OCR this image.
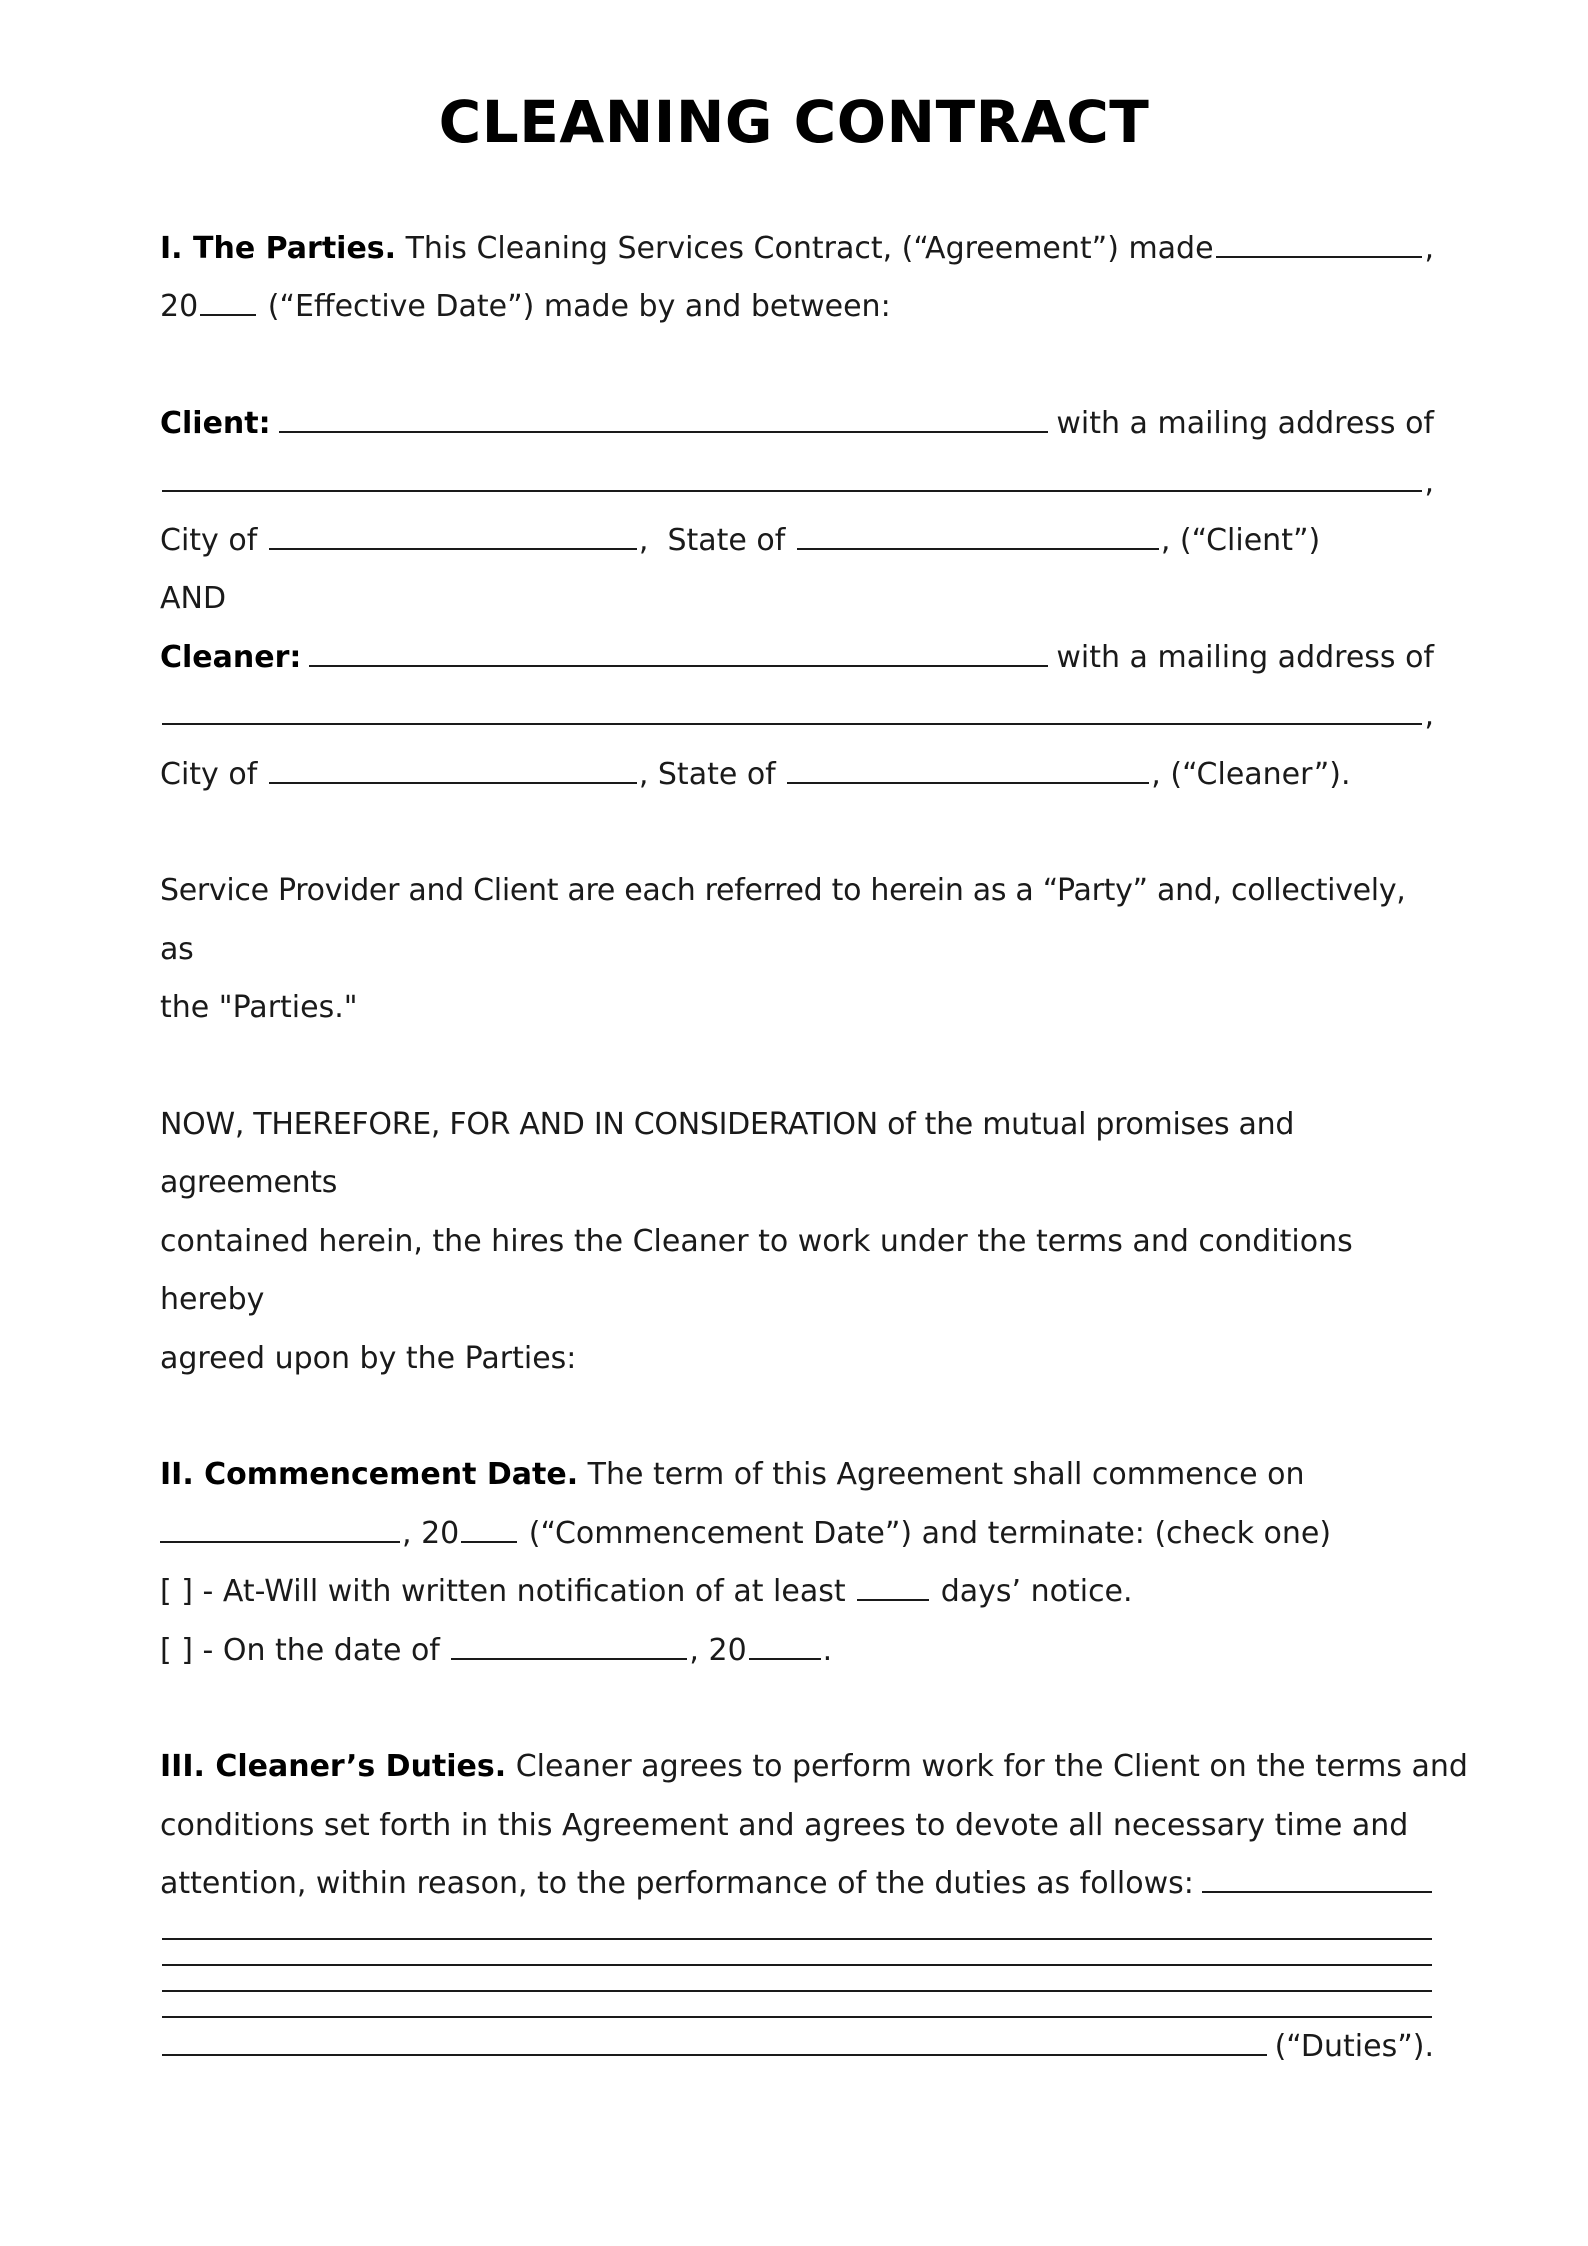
CLEANING CONTRACT
I. The Parties.
This Cleaning Services Contract, (“Agreement”) made	,
20
(“Effective Date”) made by and between:
Client:	with a mailing address of
,
City of
	,
State of
	, (“Client”)
AND
Cleaner:	with a mailing address of
,
City of
	, State of
	, (“Cleaner”).

Service Provider and Client are each referred to herein as a “Party” and, collectively, as

the "Parties."

NOW, THEREFORE, FOR AND IN CONSIDERATION of the mutual promises and agreements

contained herein, the hires the Cleaner to work under the terms and conditions hereby

agreed upon by the Parties:

II. Commencement Date.
The term of this Agreement shall commence on
, 20
(“Commencement Date”) and terminate: (check one)
[ ] - At-Will with written notification of at least

	days’ notice.
[ ] - On the date of
	, 20	.
III. Cleaner’s Duties.
Cleaner agrees to perform work for the Client on the terms and

conditions set forth in this Agreement and agrees to devote all necessary time and

attention, within reason, to the performance of the duties as follows:
(“Duties”).
